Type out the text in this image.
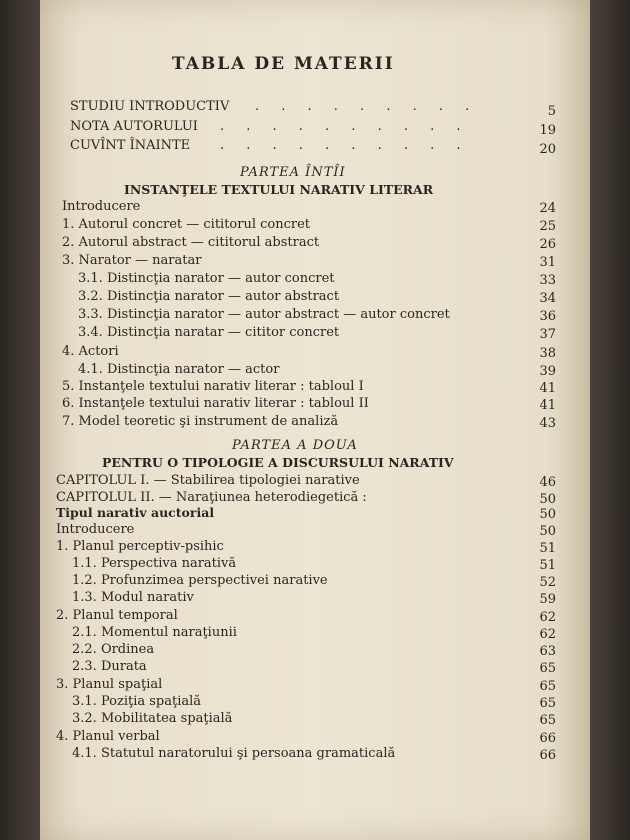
TABLA DE MATERII
STUDIU INTRODUCTIV . . . . . . . . .	5
NOTA AUTORULUI . . . . . . . . . .	19
CUVÎNT ÎNAINTE . . . . . . . . . .	20
PARTEA ÎNTÎI
INSTANŢELE TEXTULUI NARATIV LITERAR
Introducere	24
1. Autorul concret — cititorul concret	25
2. Autorul abstract — cititorul abstract	26
3. Narator — naratar	31
3.1. Distincţia narator — autor concret	33
3.2. Distincţia narator — autor abstract	34
3.3. Distincţia narator — autor abstract — autor concret	36
3.4. Distincţia naratar — cititor concret	37
4. Actori	38
4.1. Distincţia narator — actor	39
5. Instanţele textului narativ literar : tabloul I	41
6. Instanţele textului narativ literar : tabloul II	41
7. Model teoretic şi instrument de analiză	43
PARTEA A DOUA
PENTRU O TIPOLOGIE A DISCURSULUI NARATIV
CAPITOLUL I. — Stabilirea tipologiei narative	46
CAPITOLUL II. — Naraţiunea heterodiegetică :	50
Tipul narativ auctorial	50
Introducere	50
1. Planul perceptiv-psihic	51
1.1. Perspectiva narativă	51
1.2. Profunzimea perspectivei narative	52
1.3. Modul narativ	59
2. Planul temporal	62
2.1. Momentul naraţiunii	62
2.2. Ordinea	63
2.3. Durata	65
3. Planul spaţial	65
3.1. Poziţia spaţială	65
3.2. Mobilitatea spaţială	65
4. Planul verbal	66
4.1. Statutul naratorului şi persoana gramaticală	66
